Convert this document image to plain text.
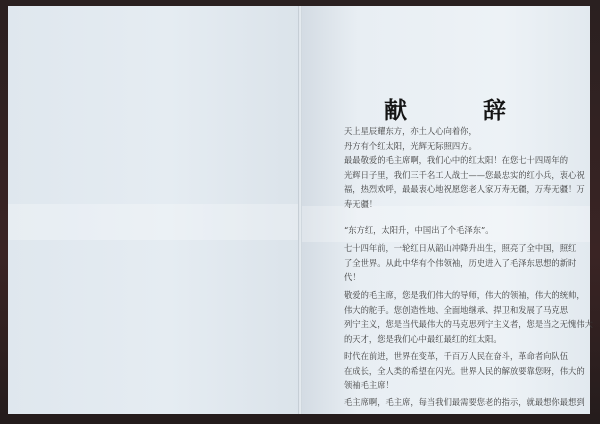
献 辞
天上星辰耀东方，亦土人心向着你，
丹方有个红太阳，光辉无际照四方。
最最敬爱的毛主席啊，我们心中的红太阳！在您七十四周年的
光辉日子里，我们三千名工人战士——您最忠实的红小兵，衷心祝
福，热烈欢呼，最最衷心地祝愿您老人家万寿无疆，万寿无疆！万
寿无疆！
“东方红，太阳升，中国出了个毛泽东”。
七十四年前，一轮红日从韶山冲降升出生，照亮了全中国，照红
了全世界。从此中华有个伟领袖，历史进入了毛泽东思想的新时
代！
敬爱的毛主席，您是我们伟大的导师，伟大的领袖，伟大的统帅，
伟大的舵手。您创造性地、全面地继承、捍卫和发展了马克思
列宁主义，您是当代最伟大的马克思列宁主义者，您是当之无愧伟大
的天才，您是我们心中最红最红的红太阳。
时代在前进，世界在变革，千百万人民在奋斗，革命者向队伍
在成长，全人类的希望在闪光。世界人民的解放要靠您呀，伟大的
领袖毛主席！
毛主席啊，毛主席，每当我们最需要您老的指示，就最想你最想到
